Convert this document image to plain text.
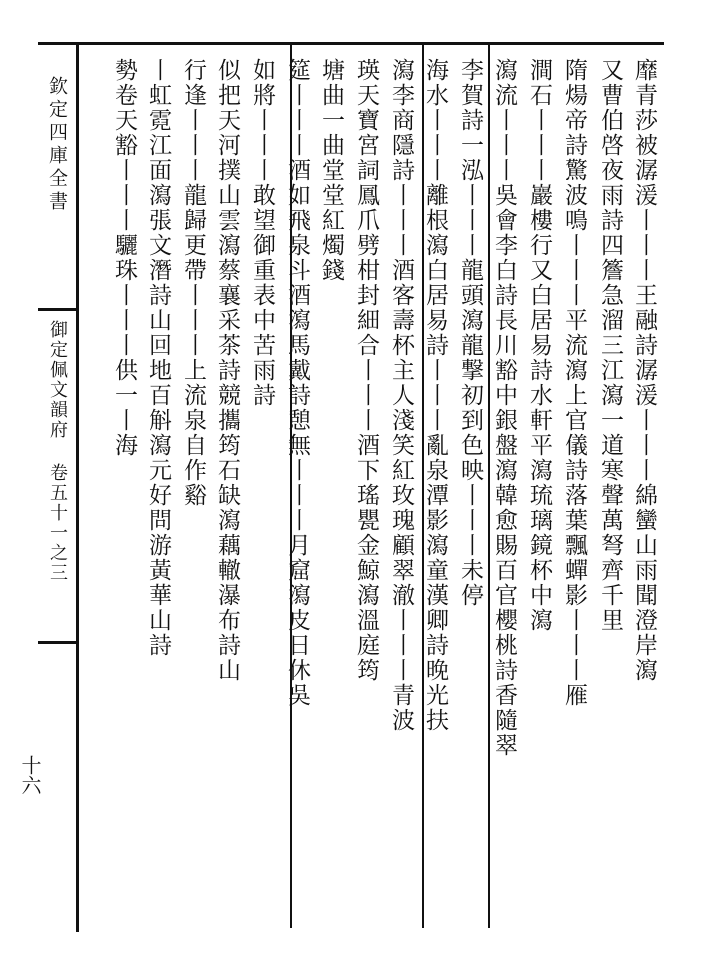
欽定四庫全書
御定佩文韻府 卷五十一之三
十六
靡青莎被潺湲丨丨丨王融詩潺湲丨丨丨綿蠻山雨聞澄岸瀉
又曹伯啓夜雨詩四簷急溜三江瀉一道寒聲萬弩齊千里
隋煬帝詩驚波鳴丨丨丨平流瀉上官儀詩落葉飄蟬影丨丨丨雁
澗石丨丨丨巖樓行又白居易詩水軒平瀉琉璃鏡杯中瀉
瀉流丨丨丨吳會李白詩長川豁中銀盤瀉韓愈賜百官櫻桃詩香隨翠
李賀詩一泓丨丨丨龍頭瀉龍撃初到色映丨丨丨未停
海水丨丨丨離根瀉白居易詩丨丨丨亂泉潭影瀉童漢卿詩晚光扶
瀉李商隱詩丨丨丨酒客壽杯主人淺笑紅玫瑰顧翠澈丨丨丨青波
瑛天寶宮詞鳳爪劈柑封細合丨丨丨酒下瑤甖金鯨瀉溫庭筠
塘曲一曲堂堂紅燭錢
筵丨丨丨酒如飛泉斗酒瀉馬戴詩憩無丨丨丨月窟瀉皮日休吳
如將丨丨丨敢望御重表中苦雨詩
似把天河撲山雲瀉蔡襄采茶詩競攜筠石缺瀉藕轍瀑布詩山
行逢丨丨丨龍歸更帶丨丨丨上流泉自作谿
丨虹霓江面瀉張文潛詩山回地百斛瀉元好問游黃華山詩
勢卷天豁丨丨丨驪珠丨丨丨供一丨海
